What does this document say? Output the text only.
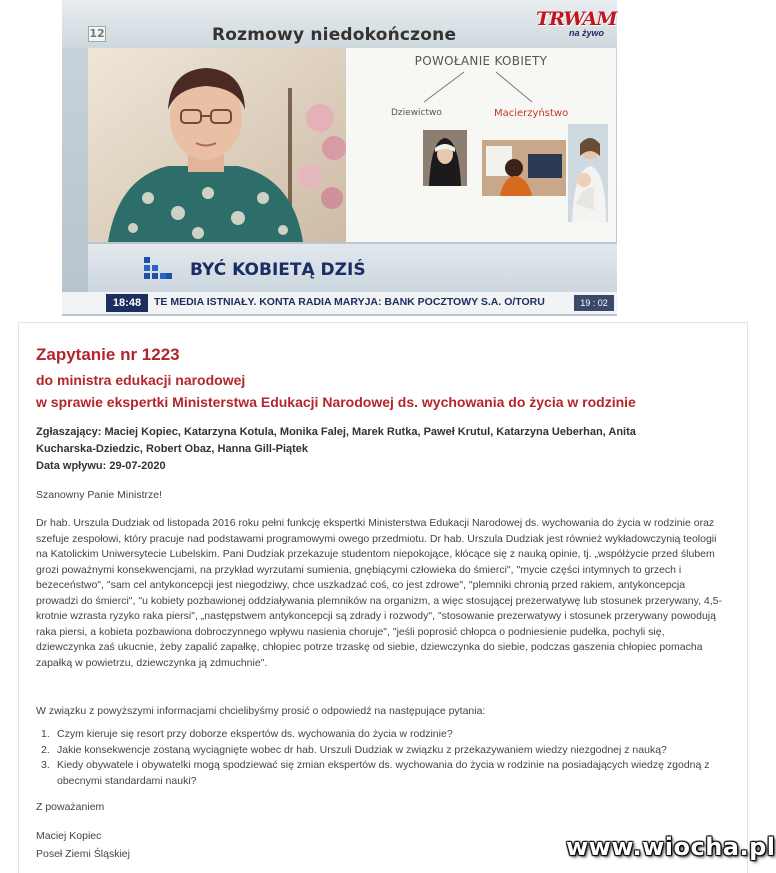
12	Rozmowy niedokończone
TRWAM
na żywo
POWOŁANIE KOBIETY
Dziewictwo	Macierzyństwo
BYĆ KOBIETĄ DZIŚ
18:48	TE MEDIA ISTNIAŁY. KONTA RADIA MARYJA: BANK POCZTOWY S.A. O/TORU	19 : 02
Zapytanie nr 1223
do ministra edukacji narodowej
w sprawie ekspertki Ministerstwa Edukacji Narodowej ds. wychowania do życia w rodzinie
Zgłaszający: Maciej Kopiec, Katarzyna Kotula, Monika Falej, Marek Rutka, Paweł Krutul, Katarzyna Ueberhan, Anita
Kucharska-Dziedzic, Robert Obaz, Hanna Gill-Piątek
Data wpływu: 29-07-2020
Szanowny Panie Ministrze!
Dr hab. Urszula Dudziak od listopada 2016 roku pełni funkcję ekspertki Ministerstwa Edukacji Narodowej ds. wychowania do życia w rodzinie oraz szefuje zespołowi, który pracuje nad podstawami programowymi owego przedmiotu. Dr hab. Urszula Dudziak jest również wykładowczynią teologii na Katolickim Uniwersytecie Lubelskim. Pani Dudziak przekazuje studentom niepokojące, kłócące się z nauką opinie, tj. „współżycie przed ślubem grozi poważnymi konsekwencjami, na przykład wyrzutami sumienia, gnębiącymi człowieka do śmierci", "mycie części intymnych to grzech i bezeceństwo", "sam cel antykoncepcji jest niegodziwy, chce uszkadzać coś, co jest zdrowe", "plemniki chronią przed rakiem, antykoncepcja prowadzi do śmierci", "u kobiety pozbawionej oddziaływania plemników na organizm, a więc stosującej prezerwatywę lub stosunek przerywany, 4,5-krotnie wzrasta ryzyko raka piersi", „następstwem antykoncepcji są zdrady i rozwody", "stosowanie prezerwatywy i stosunek przerywany powodują raka piersi, a kobieta pozbawiona dobroczynnego wpływu nasienia choruje", "jeśli poprosić chłopca o podniesienie pudełka, pochyli się, dziewczynka zaś ukucnie, żeby zapalić zapałkę, chłopiec potrze trzaskę od siebie, dziewczynka do siebie, podczas gaszenia chłopiec pomacha zapałką w powietrzu, dziewczynka ją zdmuchnie".
W związku z powyższymi informacjami chcielibyśmy prosić o odpowiedź na następujące pytania:
1. Czym kieruje się resort przy doborze ekspertów ds. wychowania do życia w rodzinie?
2. Jakie konsekwencje zostaną wyciągnięte wobec dr hab. Urszuli Dudziak w związku z przekazywaniem wiedzy niezgodnej z nauką?
3. Kiedy obywatele i obywatelki mogą spodziewać się zmian ekspertów ds. wychowania do życia w rodzinie na posiadających wiedzę zgodną z obecnymi standardami nauki?
Z poważaniem
Maciej Kopiec
Poseł Ziemi Śląskiej	www.wiocha.pl
